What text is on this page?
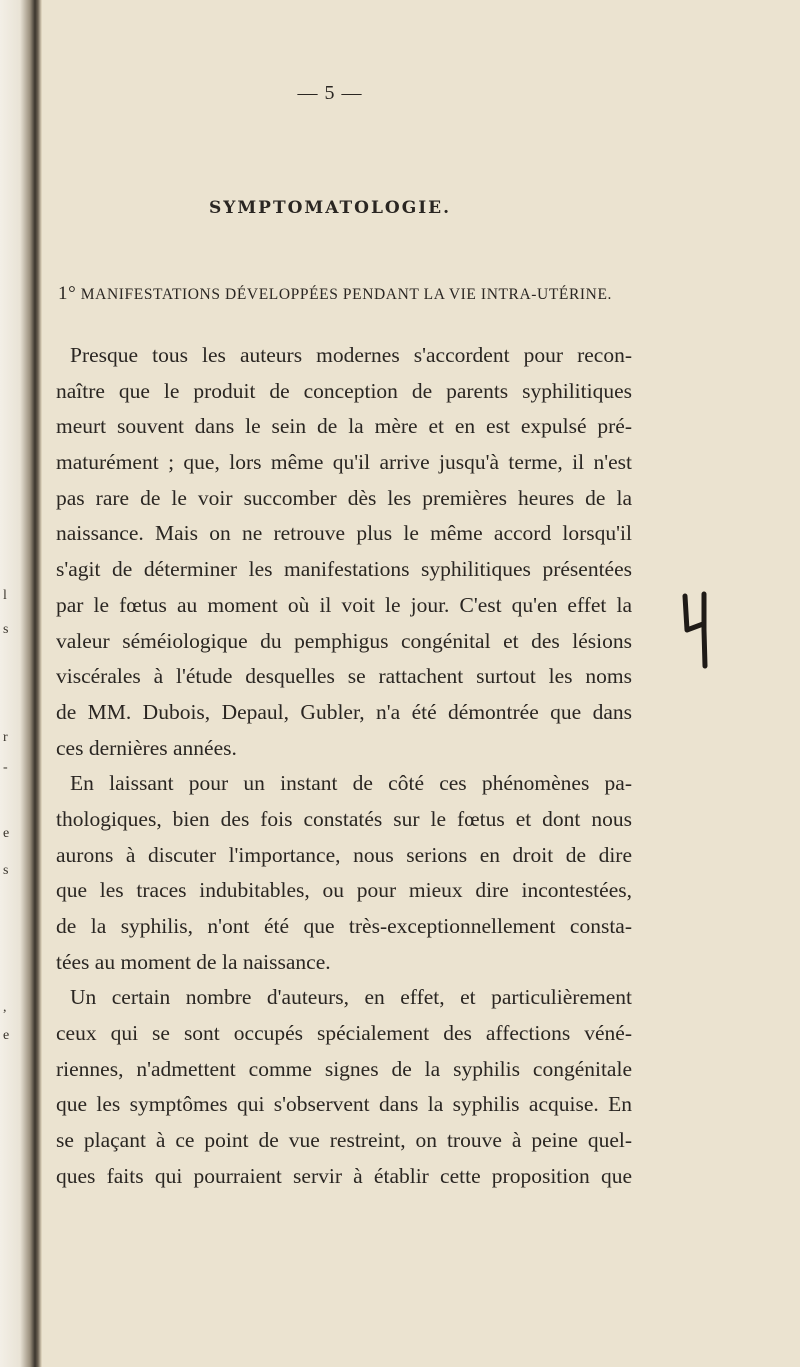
l
s
r
-
e
s
,
e
— 5 —
SYMPTOMATOLOGIE.
1° MANIFESTATIONS DÉVELOPPÉES PENDANT LA VIE INTRA-UTÉRINE.
Presque tous les auteurs modernes s'accordent pour recon-
naître que le produit de conception de parents syphilitiques
meurt souvent dans le sein de la mère et en est expulsé pré-
maturément ; que, lors même qu'il arrive jusqu'à terme, il n'est
pas rare de le voir succomber dès les premières heures de la
naissance. Mais on ne retrouve plus le même accord lorsqu'il
s'agit de déterminer les manifestations syphilitiques présentées
par le fœtus au moment où il voit le jour. C'est qu'en effet la
valeur séméiologique du pemphigus congénital et des lésions
viscérales à l'étude desquelles se rattachent surtout les noms
de MM. Dubois, Depaul, Gubler, n'a été démontrée que dans
ces dernières années.
En laissant pour un instant de côté ces phénomènes pa-
thologiques, bien des fois constatés sur le fœtus et dont nous
aurons à discuter l'importance, nous serions en droit de dire
que les traces indubitables, ou pour mieux dire incontestées,
de la syphilis, n'ont été que très-exceptionnellement consta-
tées au moment de la naissance.
Un certain nombre d'auteurs, en effet, et particulièrement
ceux qui se sont occupés spécialement des affections véné-
riennes, n'admettent comme signes de la syphilis congénitale
que les symptômes qui s'observent dans la syphilis acquise. En
se plaçant à ce point de vue restreint, on trouve à peine quel-
ques faits qui pourraient servir à établir cette proposition que
